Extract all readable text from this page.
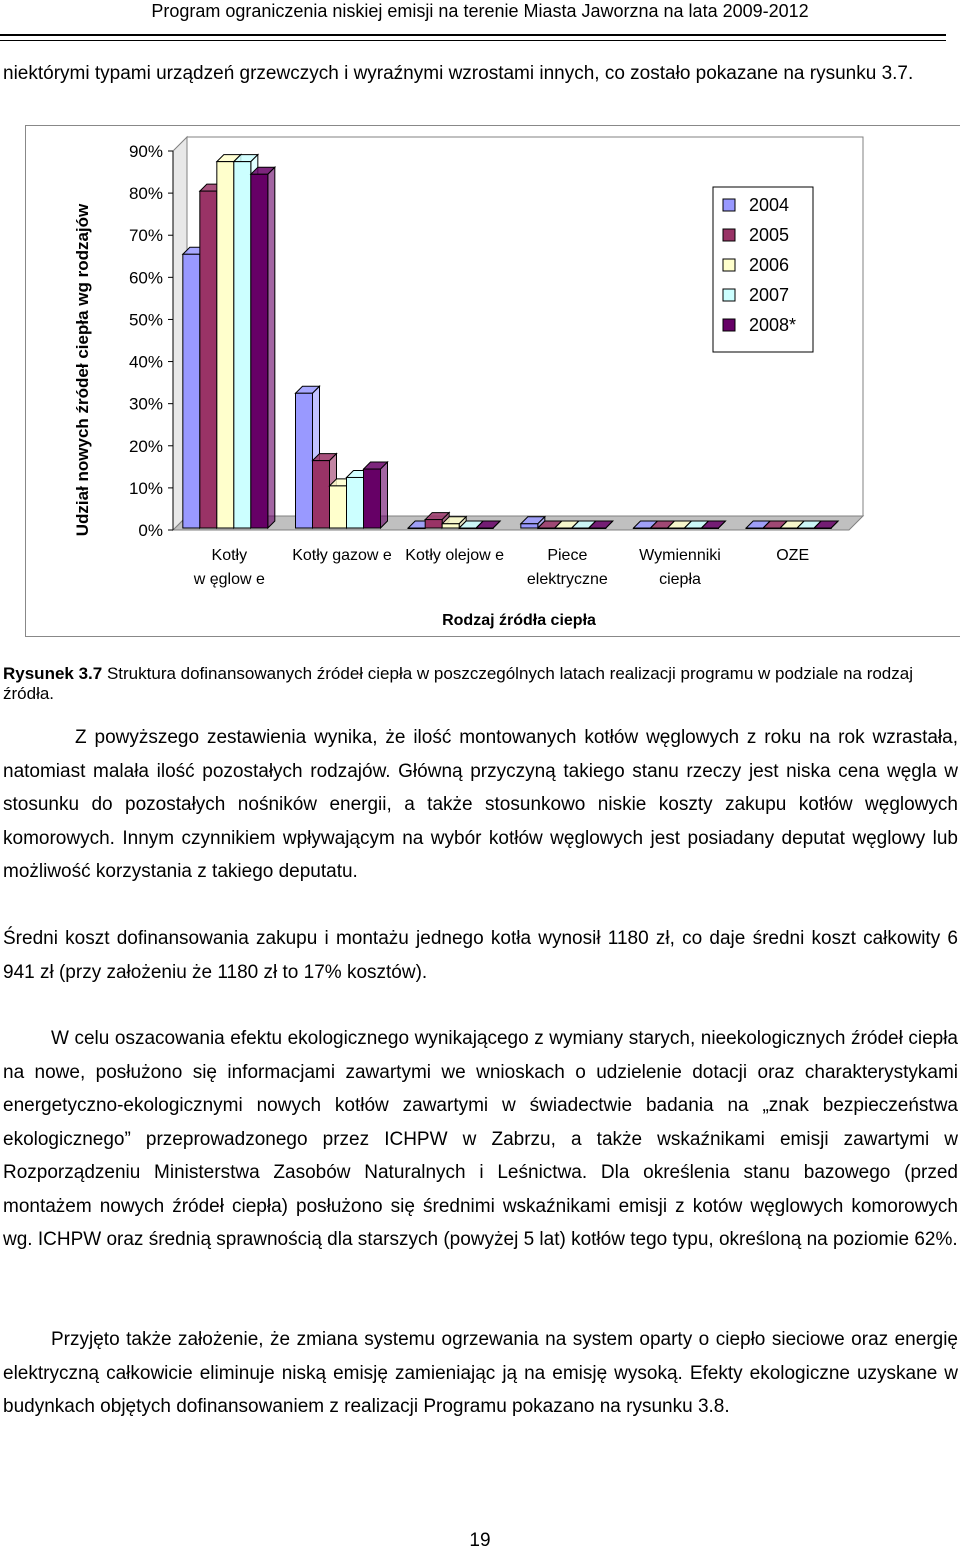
Program ograniczenia niskiej emisji na terenie Miasta Jaworzna na lata 2009-2012

niektórymi typami urządzeń grzewczych i wyraźnymi wzrostami innych, co zostało pokazane na rysunku 3.7.

0%
10%
20%
30%
40%
50%
60%
70%
80%
90%
Kotły
w ęglow e
Kotły gazow e Kotły olejow e	Piece
elektryczne
Wymienniki
ciepła
OZE
2004
2005
2006
2007
2008*
Udział nowych źródeł ciepła wg rodzajów
Rodzaj źródła ciepła

Rysunek 3.7 Struktura dofinansowanych źródeł ciepła w poszczególnych latach realizacji programu w podziale na rodzaj źródła.

Z powyższego zestawienia wynika, że ilość montowanych kotłów węglowych z roku na rok wzrastała, natomiast malała ilość pozostałych rodzajów. Główną przyczyną takiego stanu rzeczy jest niska cena węgla w stosunku do pozostałych nośników energii, a także stosunkowo niskie koszty zakupu kotłów węglowych komorowych. Innym czynnikiem wpływającym na wybór kotłów węglowych jest posiadany deputat węglowy lub możliwość korzystania z takiego deputatu.

Średni koszt dofinansowania zakupu i montażu jednego kotła wynosił 1180 zł, co daje średni koszt całkowity 6 941 zł (przy założeniu że 1180 zł to 17% kosztów).

W celu oszacowania efektu ekologicznego wynikającego z wymiany starych, nieekologicznych źródeł ciepła na nowe, posłużono się informacjami zawartymi we wnioskach o udzielenie dotacji oraz charakterystykami energetyczno-ekologicznymi nowych kotłów zawartymi w świadectwie badania na „znak bezpieczeństwa ekologicznego” przeprowadzonego przez ICHPW w Zabrzu, a także wskaźnikami emisji zawartymi w Rozporządzeniu Ministerstwa Zasobów Naturalnych i Leśnictwa. Dla określenia stanu bazowego (przed montażem nowych źródeł ciepła) posłużono się średnimi wskaźnikami emisji z kotów węglowych komorowych wg. ICHPW oraz średnią sprawnością dla starszych (powyżej 5 lat) kotłów tego typu, określoną na poziomie 62%.

Przyjęto także założenie, że zmiana systemu ogrzewania na system oparty o ciepło sieciowe oraz energię elektryczną całkowicie eliminuje niską emisję zamieniając ją na emisję wysoką. Efekty ekologiczne uzyskane w budynkach objętych dofinansowaniem z realizacji Programu pokazano na rysunku 3.8.

19
